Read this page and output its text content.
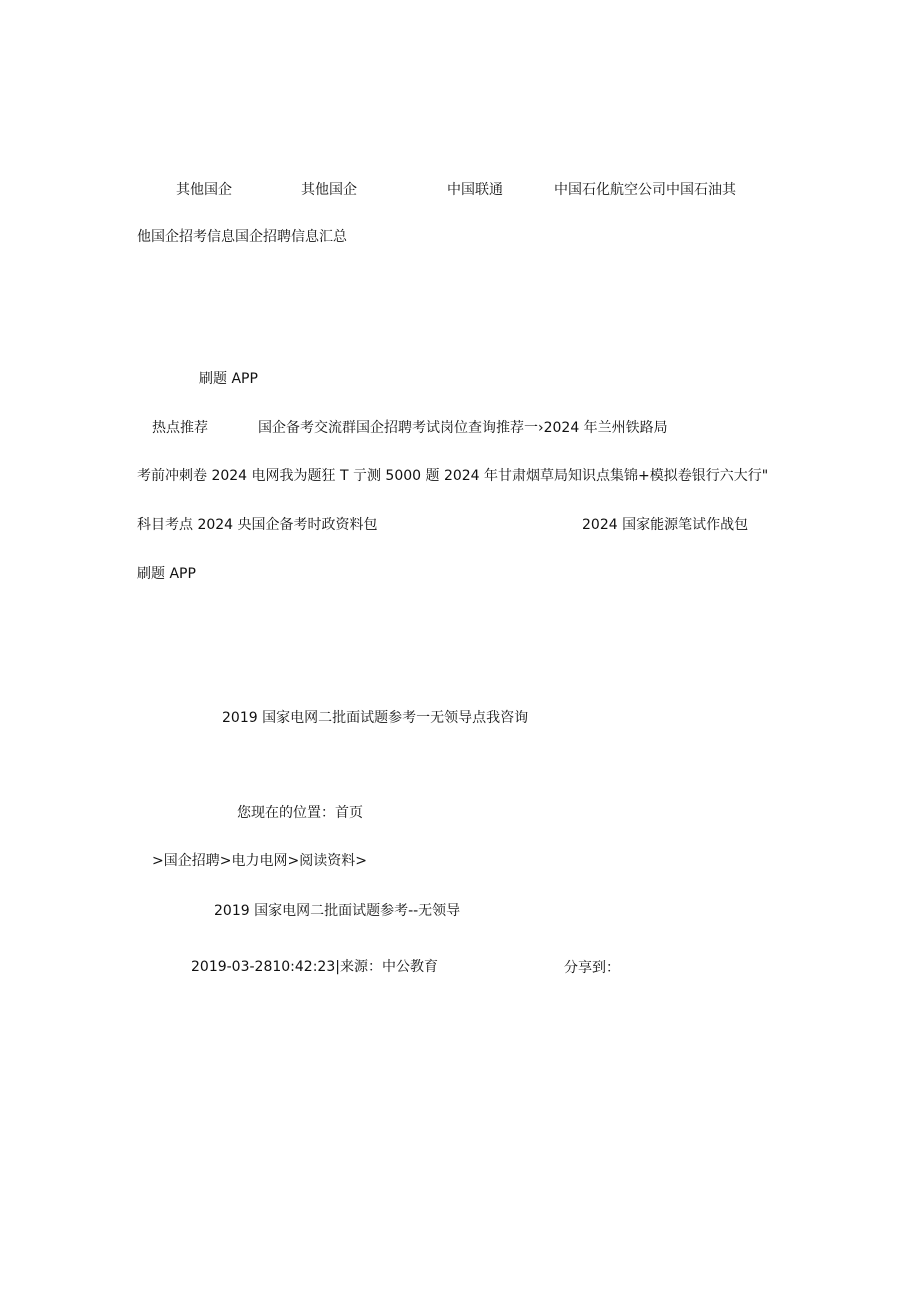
其他国企	其他国企	中国联通	中国石化航空公司中国石油其
他国企招考信息国企招聘信息汇总
刷题 APP
热点推荐	国企备考交流群国企招聘考试岗位查询推荐一›2024 年兰州铁路局
考前冲刺卷 2024 电网我为题狂 T 亍测 5000 题 2024 年甘肃烟草局知识点集锦+模拟卷银行六大行"
科目考点 2024 央国企备考时政资料包	2024 国家能源笔试作战包
刷题 APP
2019 国家电网二批面试题参考一无领导点我咨询
您现在的位置：首页
>国企招聘>电力电网>阅读资料>
2019 国家电网二批面试题参考--无领导
2019-03-2810:42:23|来源：中公教育	分享到：
